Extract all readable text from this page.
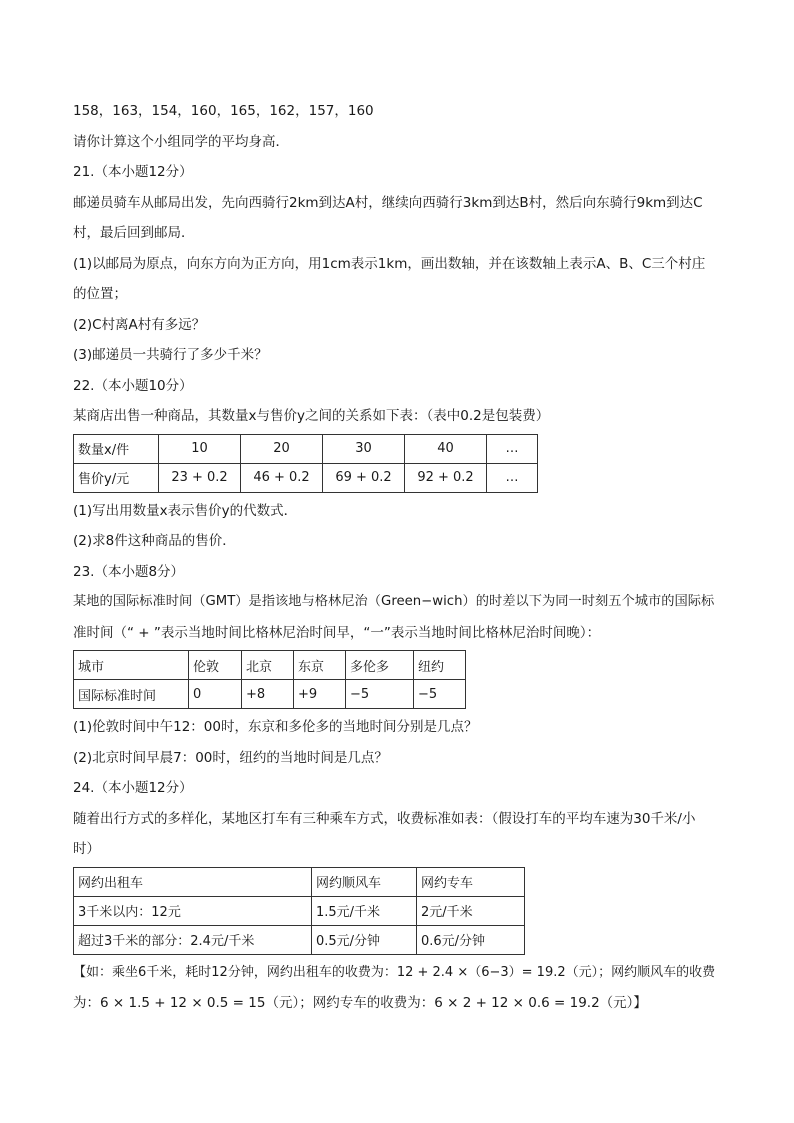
158，163，154，160，165，162，157，160

请你计算这个小组同学的平均身高．

21.（本小题12分）

邮递员骑车从邮局出发，先向西骑行2km到达A村，继续向西骑行3km到达B村，然后向东骑行9km到达C

村，最后回到邮局．

(1)以邮局为原点，向东方向为正方向，用1cm表示1km，画出数轴，并在该数轴上表示A、B、C三个村庄

的位置；

(2)C村离A村有多远？

(3)邮递员一共骑行了多少千米？

22.（本小题10分）

某商店出售一种商品，其数量x与售价y之间的关系如下表：（表中0.2是包装费）

数量x/件	10	20	30	40	…
售价y/元	23 + 0.2	46 + 0.2	69 + 0.2	92 + 0.2	…

(1)写出用数量x表示售价y的代数式．

(2)求8件这种商品的售价．

23.（本小题8分）

某地的国际标准时间（GMT）是指该地与格林尼治（Green−wich）的时差以下为同一时刻五个城市的国际标

准时间（“ + ”表示当地时间比格林尼治时间早，“一”表示当地时间比格林尼治时间晚）：

城市	伦敦	北京	东京	多伦多	纽约
国际标准时间	0	+8	+9	−5	−5

(1)伦敦时间中午12：00时，东京和多伦多的当地时间分别是几点？

(2)北京时间早晨7：00时，纽约的当地时间是几点？

24.（本小题12分）

随着出行方式的多样化，某地区打车有三种乘车方式，收费标准如表：（假设打车的平均车速为30千米/小

时）

网约出租车	网约顺风车	网约专车
3千米以内：12元	1.5元/千米	2元/千米
超过3千米的部分：2.4元/千米	0.5元/分钟	0.6元/分钟

【如：乘坐6千米，耗时12分钟，网约出租车的收费为：12 + 2.4 ×（6−3）= 19.2（元）；网约顺风车的收费

为：6 × 1.5 + 12 × 0.5 = 15（元）；网约专车的收费为：6 × 2 + 12 × 0.6 = 19.2（元）】
